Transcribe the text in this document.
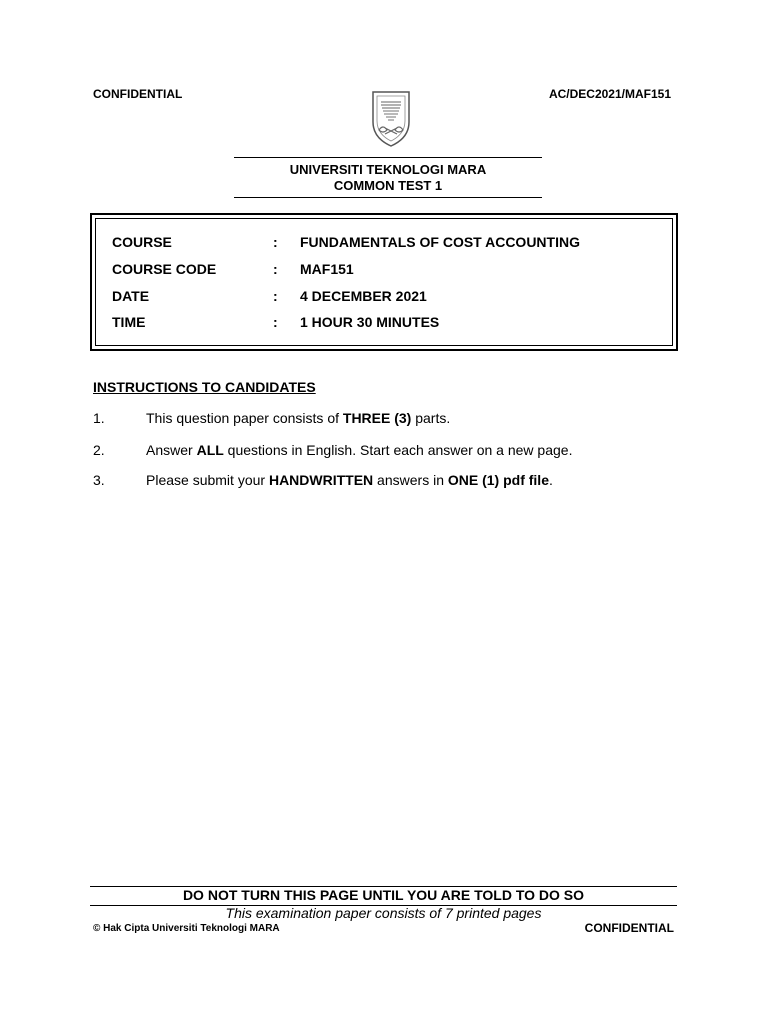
CONFIDENTIAL	AC/DEC2021/MAF151
UNIVERSITI TEKNOLOGI MARA
COMMON TEST 1
COURSE	: FUNDAMENTALS OF COST ACCOUNTING
COURSE CODE	: MAF151
DATE	: 4 DECEMBER 2021
TIME	: 1 HOUR 30 MINUTES
INSTRUCTIONS TO CANDIDATES
1.	This question paper consists of THREE (3) parts.
2.	Answer ALL questions in English. Start each answer on a new page.
3.	Please submit your HANDWRITTEN answers in ONE (1) pdf file.
DO NOT TURN THIS PAGE UNTIL YOU ARE TOLD TO DO SO
This examination paper consists of 7 printed pages
© Hak Cipta Universiti Teknologi MARA	CONFIDENTIAL
